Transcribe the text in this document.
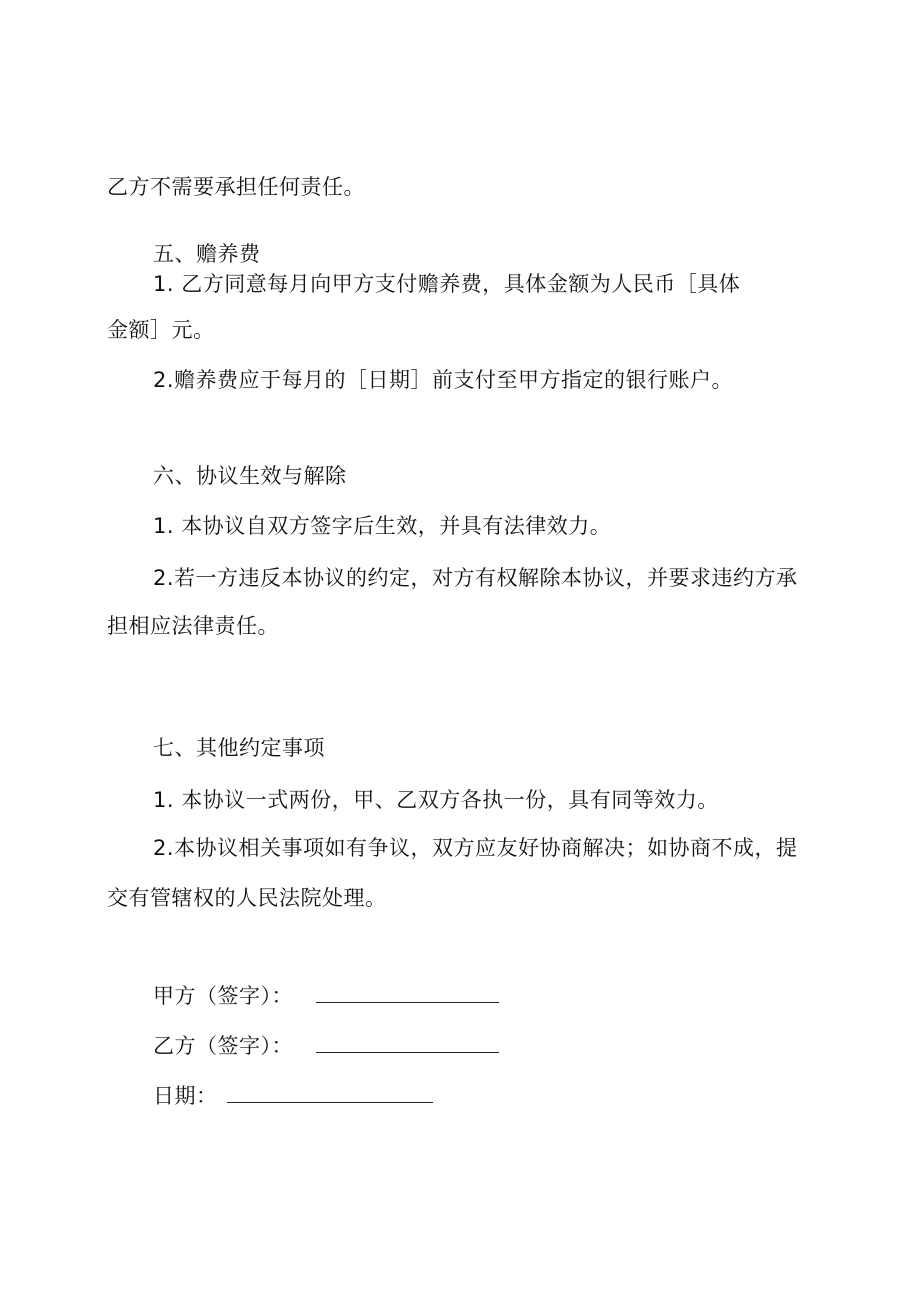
乙方不需要承担任何责任。
五、赡养费
1. 乙方同意每月向甲方支付赡养费，具体金额为人民币［具体
金额］元。
2.赡养费应于每月的［日期］前支付至甲方指定的银行账户。
六、协议生效与解除
1. 本协议自双方签字后生效，并具有法律效力。
2.若一方违反本协议的约定，对方有权解除本协议，并要求违约方承
担相应法律责任。
七、其他约定事项
1. 本协议一式两份，甲、乙双方各执一份，具有同等效力。
2.本协议相关事项如有争议，双方应友好协商解决；如协商不成，提
交有管辖权的人民法院处理。
甲方（签字）：
乙方（签字）：
日期：
